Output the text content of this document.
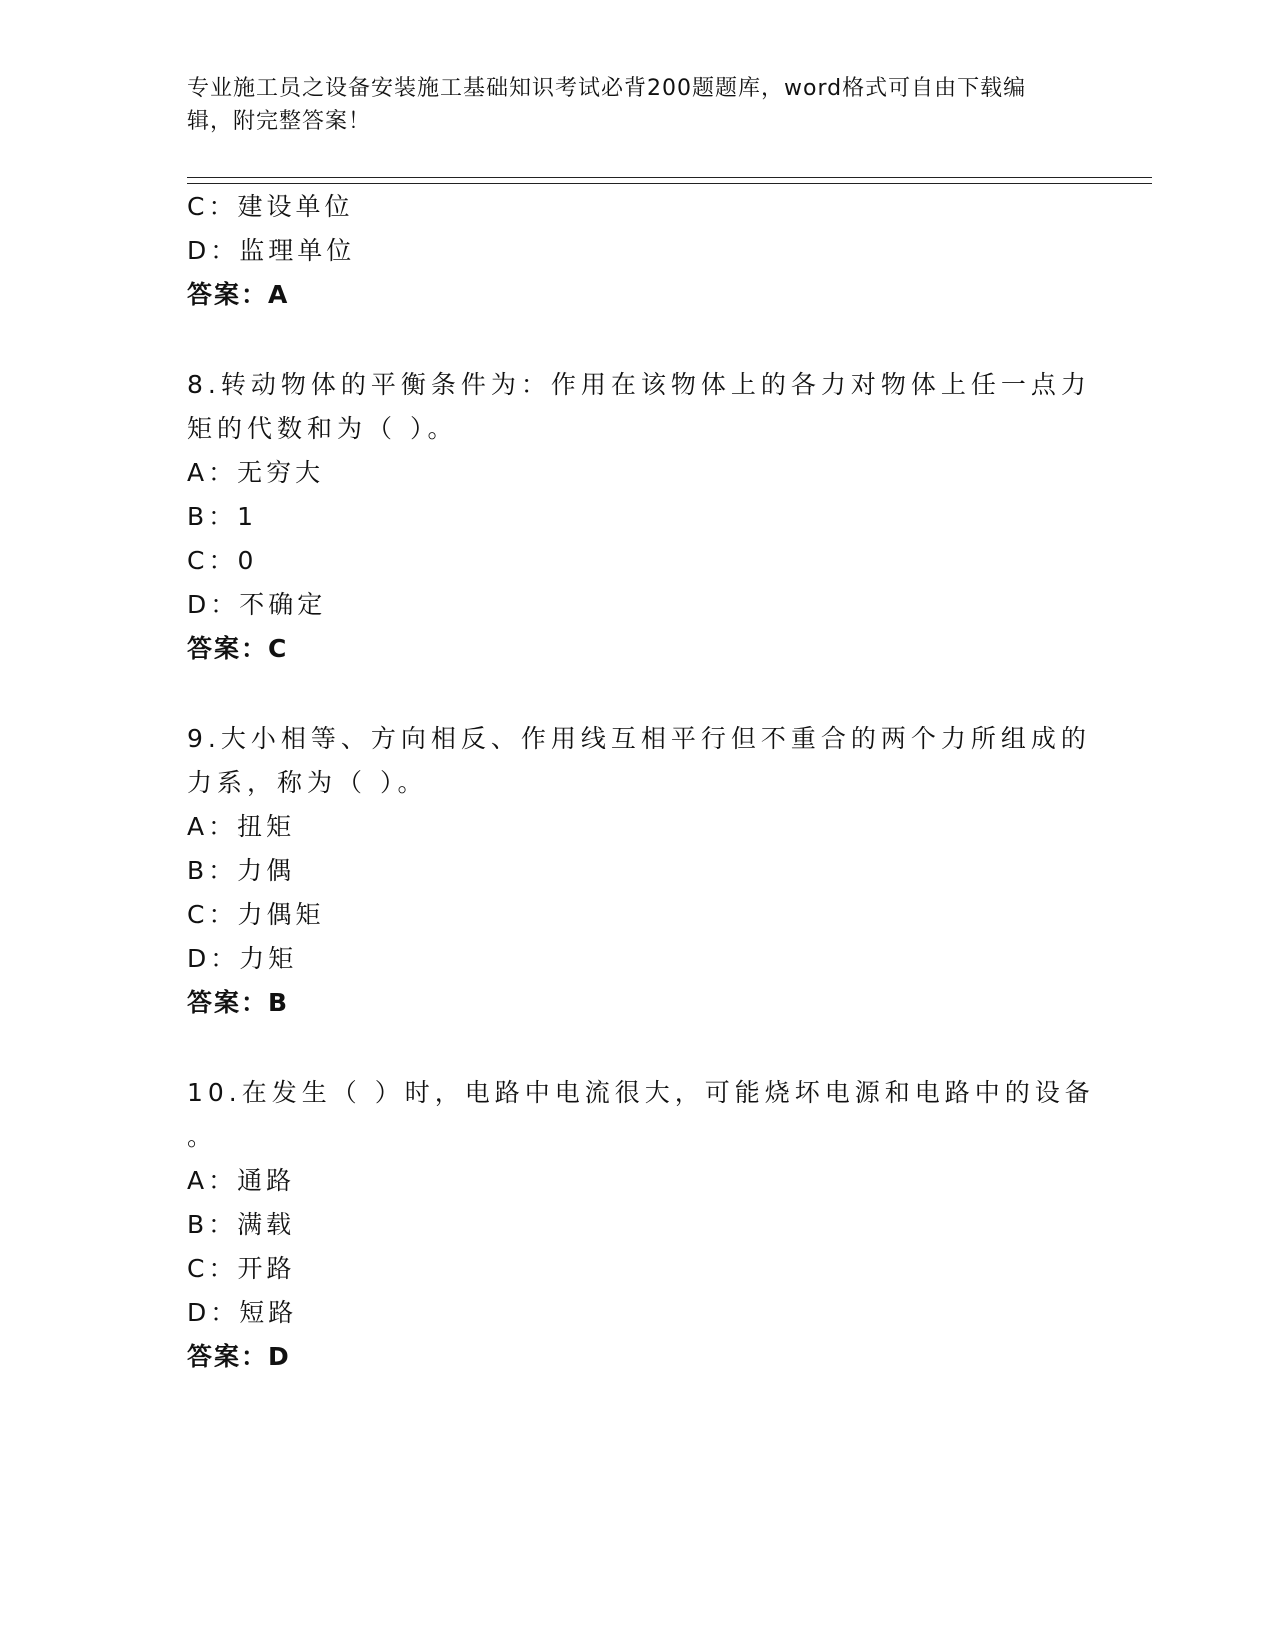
专业施工员之设备安装施工基础知识考试必背200题题库，word格式可自由下载编辑，附完整答案！
C：建设单位
D：监理单位
答案：A
8.转动物体的平衡条件为：作用在该物体上的各力对物体上任一点力
矩的代数和为（ ）。
A：无穷大
B：1
C：0
D：不确定
答案：C
9.大小相等、方向相反、作用线互相平行但不重合的两个力所组成的
力系，称为（ ）。
A：扭矩
B：力偶
C：力偶矩
D：力矩
答案：B
10.在发生（ ）时，电路中电流很大，可能烧坏电源和电路中的设备
。
A：通路
B：满载
C：开路
D：短路
答案：D
